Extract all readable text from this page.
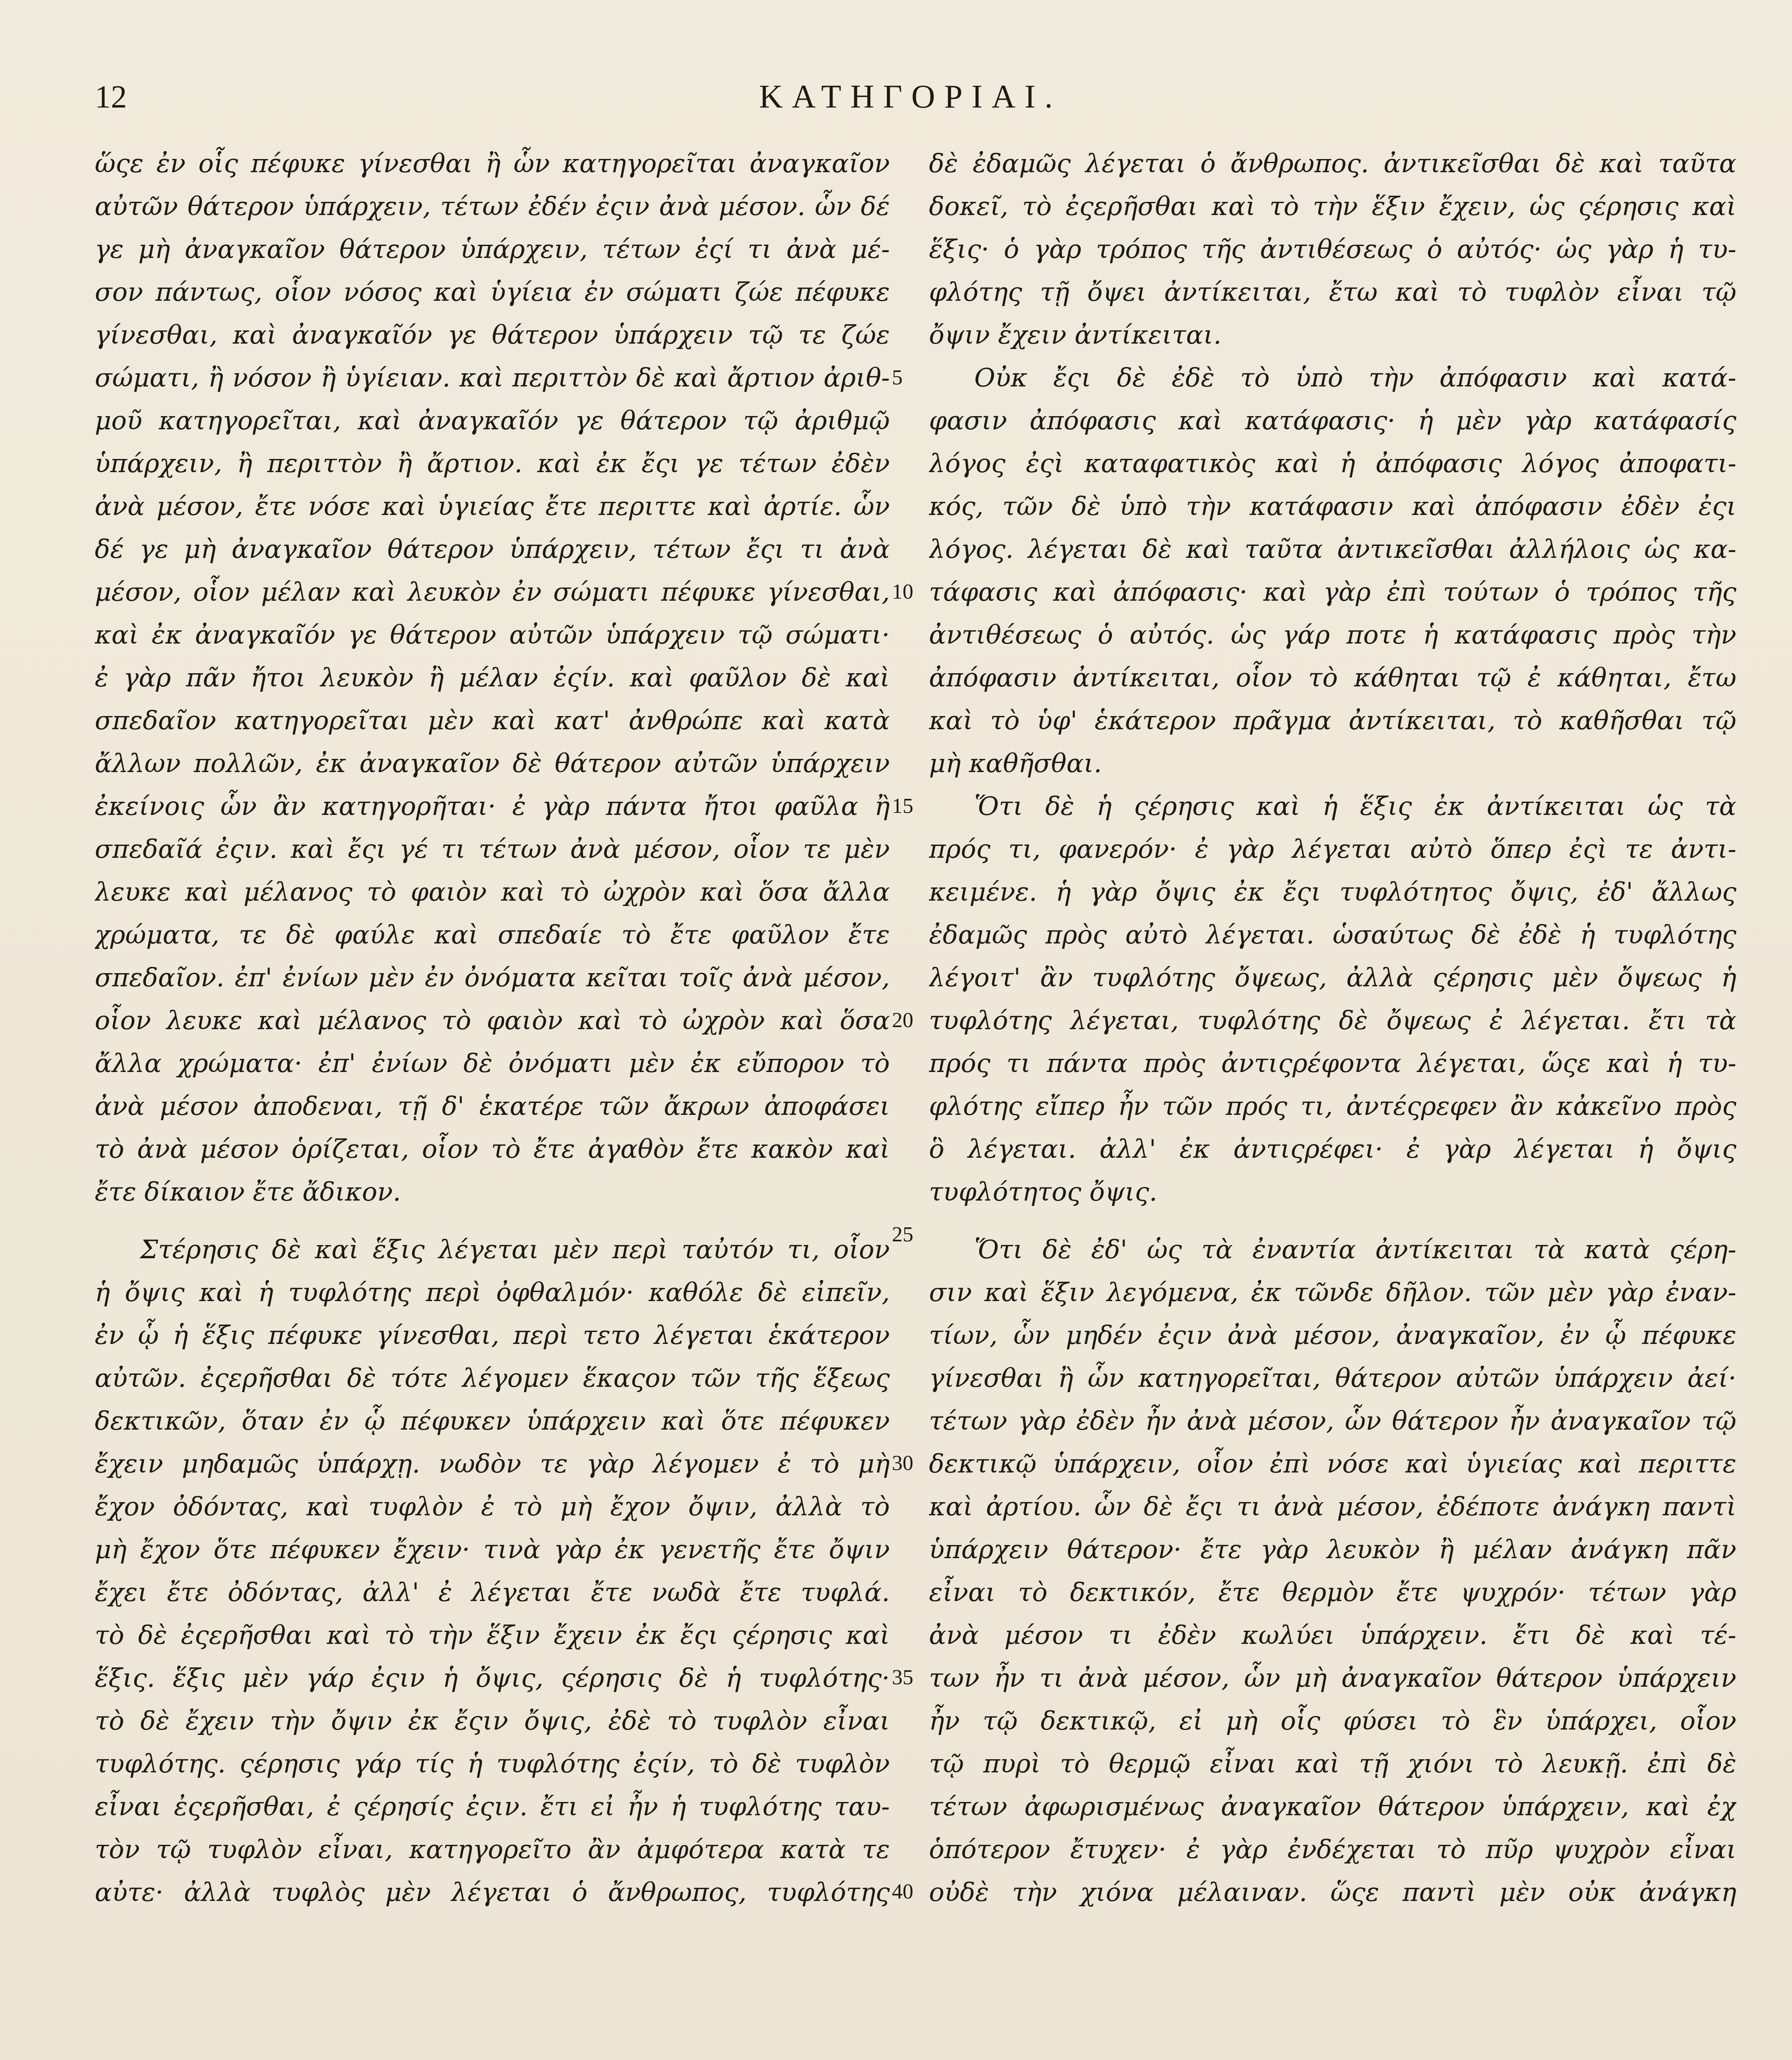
12	ΚΑΤΗΓΟΡΙΑΙ.
ὥςε ἐν οἷς πέφυκε γίνεσθαι ἢ ὧν κατηγορεῖται ἀναγκαῖον
αὐτῶν θάτερον ὑπάρχειν, τέτων ἐδέν ἐςιν ἀνὰ μέσον. ὧν δέ
γε μὴ ἀναγκαῖον θάτερον ὑπάρχειν, τέτων ἐςί τι ἀνὰ μέ-
σον πάντως, οἷον νόσος καὶ ὑγίεια ἐν σώματι ζώε πέφυκε
γίνεσθαι, καὶ ἀναγκαῖόν γε θάτερον ὑπάρχειν τῷ τε ζώε
σώματι, ἢ νόσον ἢ ὑγίειαν. καὶ περιττὸν δὲ καὶ ἄρτιον ἀριθ-
μοῦ κατηγορεῖται, καὶ ἀναγκαῖόν γε θάτερον τῷ ἀριθμῷ
ὑπάρχειν, ἢ περιττὸν ἢ ἄρτιον. καὶ ἐκ ἔςι γε τέτων ἐδὲν
ἀνὰ μέσον, ἔτε νόσε καὶ ὑγιείας ἔτε περιττε καὶ ἀρτίε. ὧν
δέ γε μὴ ἀναγκαῖον θάτερον ὑπάρχειν, τέτων ἔςι τι ἀνὰ
μέσον, οἷον μέλαν καὶ λευκὸν ἐν σώματι πέφυκε γίνεσθαι,
καὶ ἐκ ἀναγκαῖόν γε θάτερον αὐτῶν ὑπάρχειν τῷ σώματι·
ἐ γὰρ πᾶν ἤτοι λευκὸν ἢ μέλαν ἐςίν. καὶ φαῦλον δὲ καὶ
σπεδαῖον κατηγορεῖται μὲν καὶ κατ' ἀνθρώπε καὶ κατὰ
ἄλλων πολλῶν, ἐκ ἀναγκαῖον δὲ θάτερον αὐτῶν ὑπάρχειν
ἐκείνοις ὧν ἂν κατηγορῆται· ἐ γὰρ πάντα ἤτοι φαῦλα ἢ
σπεδαῖά ἐςιν. καὶ ἔςι γέ τι τέτων ἀνὰ μέσον, οἷον τε μὲν
λευκε καὶ μέλανος τὸ φαιὸν καὶ τὸ ὠχρὸν καὶ ὅσα ἄλλα
χρώματα, τε δὲ φαύλε καὶ σπεδαίε τὸ ἔτε φαῦλον ἔτε
σπεδαῖον. ἐπ' ἐνίων μὲν ἐν ὀνόματα κεῖται τοῖς ἀνὰ μέσον,
οἷον λευκε καὶ μέλανος τὸ φαιὸν καὶ τὸ ὠχρὸν καὶ ὅσα
ἄλλα χρώματα· ἐπ' ἐνίων δὲ ὀνόματι μὲν ἐκ εὔπορον τὸ
ἀνὰ μέσον ἀποδεναι, τῇ δ' ἑκατέρε τῶν ἄκρων ἀποφάσει
τὸ ἀνὰ μέσον ὁρίζεται, οἷον τὸ ἔτε ἀγαθὸν ἔτε κακὸν καὶ
ἔτε δίκαιον ἔτε ἄδικον.
Στέρησις δὲ καὶ ἕξις λέγεται μὲν περὶ ταὐτόν τι, οἷον
ἡ ὄψις καὶ ἡ τυφλότης περὶ ὀφθαλμόν· καθόλε δὲ εἰπεῖν,
ἐν ᾧ ἡ ἕξις πέφυκε γίνεσθαι, περὶ τετο λέγεται ἑκάτερον
αὐτῶν. ἐςερῆσθαι δὲ τότε λέγομεν ἕκαςον τῶν τῆς ἕξεως
δεκτικῶν, ὅταν ἐν ᾧ πέφυκεν ὑπάρχειν καὶ ὅτε πέφυκεν
ἔχειν μηδαμῶς ὑπάρχῃ. νωδὸν τε γὰρ λέγομεν ἐ τὸ μὴ
ἔχον ὀδόντας, καὶ τυφλὸν ἐ τὸ μὴ ἔχον ὄψιν, ἀλλὰ τὸ
μὴ ἔχον ὅτε πέφυκεν ἔχειν· τινὰ γὰρ ἐκ γενετῆς ἔτε ὄψιν
ἔχει ἔτε ὀδόντας, ἀλλ' ἐ λέγεται ἔτε νωδὰ ἔτε τυφλά.
τὸ δὲ ἐςερῆσθαι καὶ τὸ τὴν ἕξιν ἔχειν ἐκ ἔςι ςέρησις καὶ
ἕξις. ἕξις μὲν γάρ ἐςιν ἡ ὄψις, ςέρησις δὲ ἡ τυφλότης·
τὸ δὲ ἔχειν τὴν ὄψιν ἐκ ἔςιν ὄψις, ἐδὲ τὸ τυφλὸν εἶναι
τυφλότης. ςέρησις γάρ τίς ἡ τυφλότης ἐςίν, τὸ δὲ τυφλὸν
εἶναι ἐςερῆσθαι, ἐ ςέρησίς ἐςιν. ἔτι εἰ ἦν ἡ τυφλότης ταυ-
τὸν τῷ τυφλὸν εἶναι, κατηγορεῖτο ἂν ἀμφότερα κατὰ τε
αὐτε· ἀλλὰ τυφλὸς μὲν λέγεται ὁ ἄνθρωπος, τυφλότης
5
10
15
20
25
30
35
40
δὲ ἐδαμῶς λέγεται ὁ ἄνθρωπος. ἀντικεῖσθαι δὲ καὶ ταῦτα
δοκεῖ, τὸ ἐςερῆσθαι καὶ τὸ τὴν ἕξιν ἔχειν, ὡς ςέρησις καὶ
ἕξις· ὁ γὰρ τρόπος τῆς ἀντιθέσεως ὁ αὐτός· ὡς γὰρ ἡ τυ-
φλότης τῇ ὄψει ἀντίκειται, ἔτω καὶ τὸ τυφλὸν εἶναι τῷ
ὄψιν ἔχειν ἀντίκειται.
Οὐκ ἔςι δὲ ἐδὲ τὸ ὑπὸ τὴν ἀπόφασιν καὶ κατά-
φασιν ἀπόφασις καὶ κατάφασις· ἡ μὲν γὰρ κατάφασίς
λόγος ἐςὶ καταφατικὸς καὶ ἡ ἀπόφασις λόγος ἀποφατι-
κός, τῶν δὲ ὑπὸ τὴν κατάφασιν καὶ ἀπόφασιν ἐδὲν ἐςι
λόγος. λέγεται δὲ καὶ ταῦτα ἀντικεῖσθαι ἀλλήλοις ὡς κα-
τάφασις καὶ ἀπόφασις· καὶ γὰρ ἐπὶ τούτων ὁ τρόπος τῆς
ἀντιθέσεως ὁ αὐτός. ὡς γάρ ποτε ἡ κατάφασις πρὸς τὴν
ἀπόφασιν ἀντίκειται, οἷον τὸ κάθηται τῷ ἐ κάθηται, ἔτω
καὶ τὸ ὑφ' ἑκάτερον πρᾶγμα ἀντίκειται, τὸ καθῆσθαι τῷ
μὴ καθῆσθαι.
Ὅτι δὲ ἡ ςέρησις καὶ ἡ ἕξις ἐκ ἀντίκειται ὡς τὰ
πρός τι, φανερόν· ἐ γὰρ λέγεται αὐτὸ ὅπερ ἐςὶ τε ἀντι-
κειμένε. ἡ γὰρ ὄψις ἐκ ἔςι τυφλότητος ὄψις, ἐδ' ἄλλως
ἐδαμῶς πρὸς αὐτὸ λέγεται. ὡσαύτως δὲ ἐδὲ ἡ τυφλότης
λέγοιτ' ἂν τυφλότης ὄψεως, ἀλλὰ ςέρησις μὲν ὄψεως ἡ
τυφλότης λέγεται, τυφλότης δὲ ὄψεως ἐ λέγεται. ἔτι τὰ
πρός τι πάντα πρὸς ἀντιςρέφοντα λέγεται, ὥςε καὶ ἡ τυ-
φλότης εἴπερ ἦν τῶν πρός τι, ἀντέςρεφεν ἂν κἀκεῖνο πρὸς
ὃ λέγεται. ἀλλ' ἐκ ἀντιςρέφει· ἐ γὰρ λέγεται ἡ ὄψις
τυφλότητος ὄψις.
Ὅτι δὲ ἐδ' ὡς τὰ ἐναντία ἀντίκειται τὰ κατὰ ςέρη-
σιν καὶ ἕξιν λεγόμενα, ἐκ τῶνδε δῆλον. τῶν μὲν γὰρ ἐναν-
τίων, ὧν μηδέν ἐςιν ἀνὰ μέσον, ἀναγκαῖον, ἐν ᾧ πέφυκε
γίνεσθαι ἢ ὧν κατηγορεῖται, θάτερον αὐτῶν ὑπάρχειν ἀεί·
τέτων γὰρ ἐδὲν ἦν ἀνὰ μέσον, ὧν θάτερον ἦν ἀναγκαῖον τῷ
δεκτικῷ ὑπάρχειν, οἷον ἐπὶ νόσε καὶ ὑγιείας καὶ περιττε
καὶ ἀρτίου. ὧν δὲ ἔςι τι ἀνὰ μέσον, ἐδέποτε ἀνάγκη παντὶ
ὑπάρχειν θάτερον· ἔτε γὰρ λευκὸν ἢ μέλαν ἀνάγκη πᾶν
εἶναι τὸ δεκτικόν, ἔτε θερμὸν ἔτε ψυχρόν· τέτων γὰρ
ἀνὰ μέσον τι ἐδὲν κωλύει ὑπάρχειν. ἔτι δὲ καὶ τέ-
των ἦν τι ἀνὰ μέσον, ὧν μὴ ἀναγκαῖον θάτερον ὑπάρχειν
ἦν τῷ δεκτικῷ, εἰ μὴ οἷς φύσει τὸ ἓν ὑπάρχει, οἷον
τῷ πυρὶ τὸ θερμῷ εἶναι καὶ τῇ χιόνι τὸ λευκῇ. ἐπὶ δὲ
τέτων ἀφωρισμένως ἀναγκαῖον θάτερον ὑπάρχειν, καὶ ἐχ
ὁπότερον ἔτυχεν· ἐ γὰρ ἐνδέχεται τὸ πῦρ ψυχρὸν εἶναι
οὐδὲ τὴν χιόνα μέλαιναν. ὥςε παντὶ μὲν οὐκ ἀνάγκη
